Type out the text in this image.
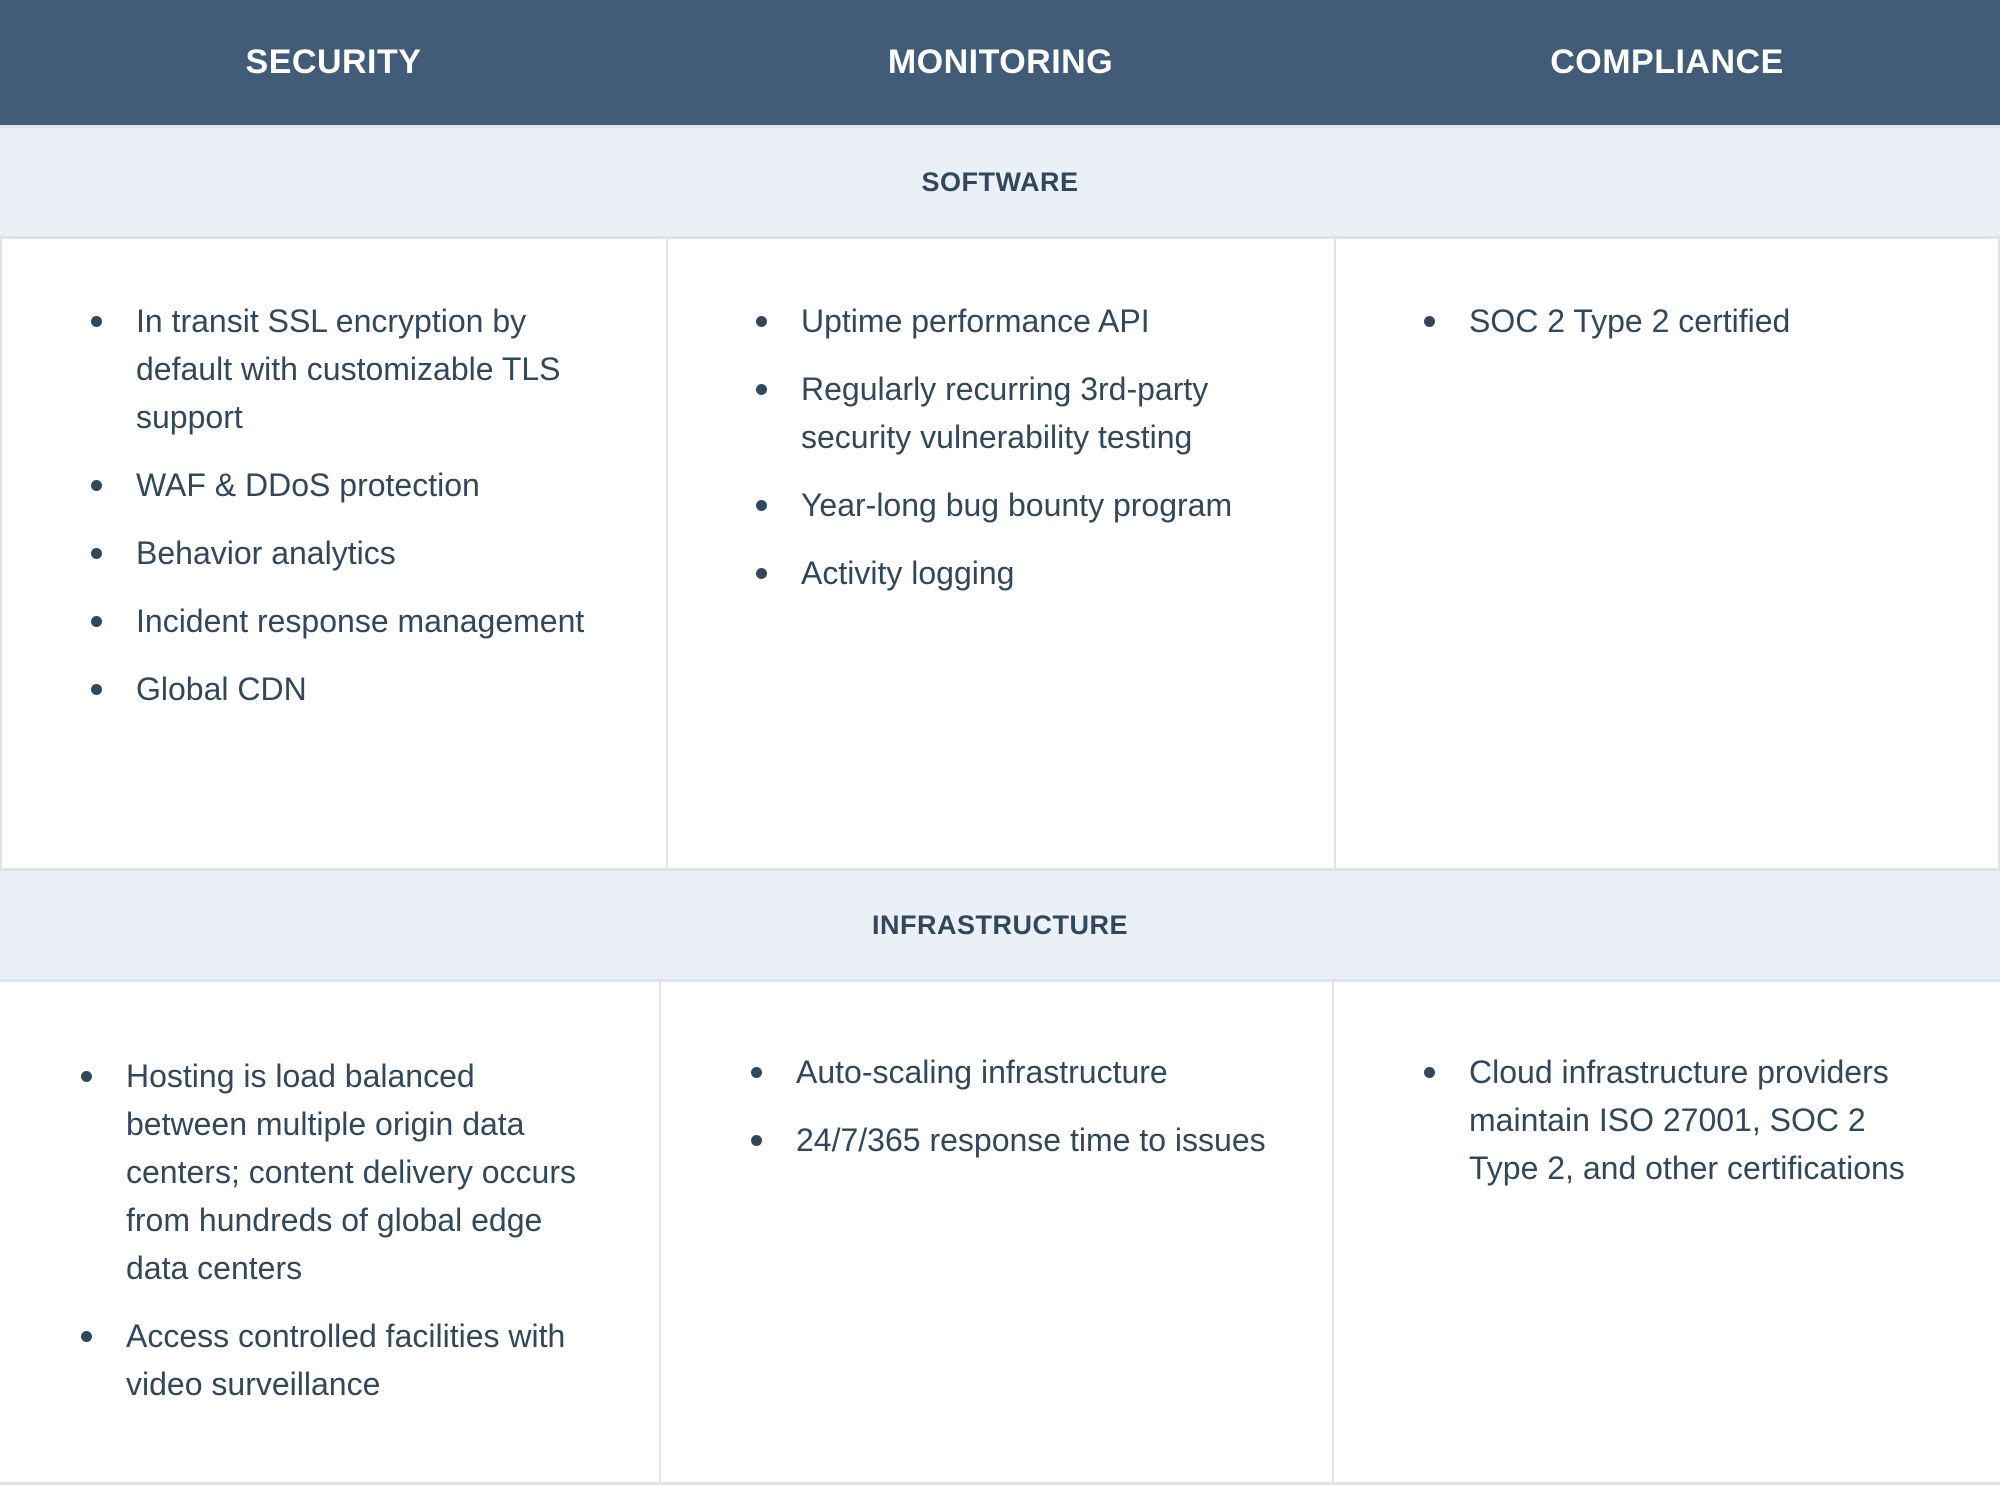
SECURITY	MONITORING	COMPLIANCE
SOFTWARE
In transit SSL encryption by default with customizable TLS support
WAF & DDoS protection
Behavior analytics
Incident response management
Global CDN
Uptime performance API
Regularly recurring 3rd-party security vulnerability testing
Year-long bug bounty program
Activity logging
SOC 2 Type 2 certified
INFRASTRUCTURE
Hosting is load balanced between multiple origin data centers; content delivery occurs from hundreds of global edge data centers
Access controlled facilities with video surveillance
Auto-scaling infrastructure
24/7/365 response time to issues
Cloud infrastructure providers maintain ISO 27001, SOC 2 Type 2, and other certifications
